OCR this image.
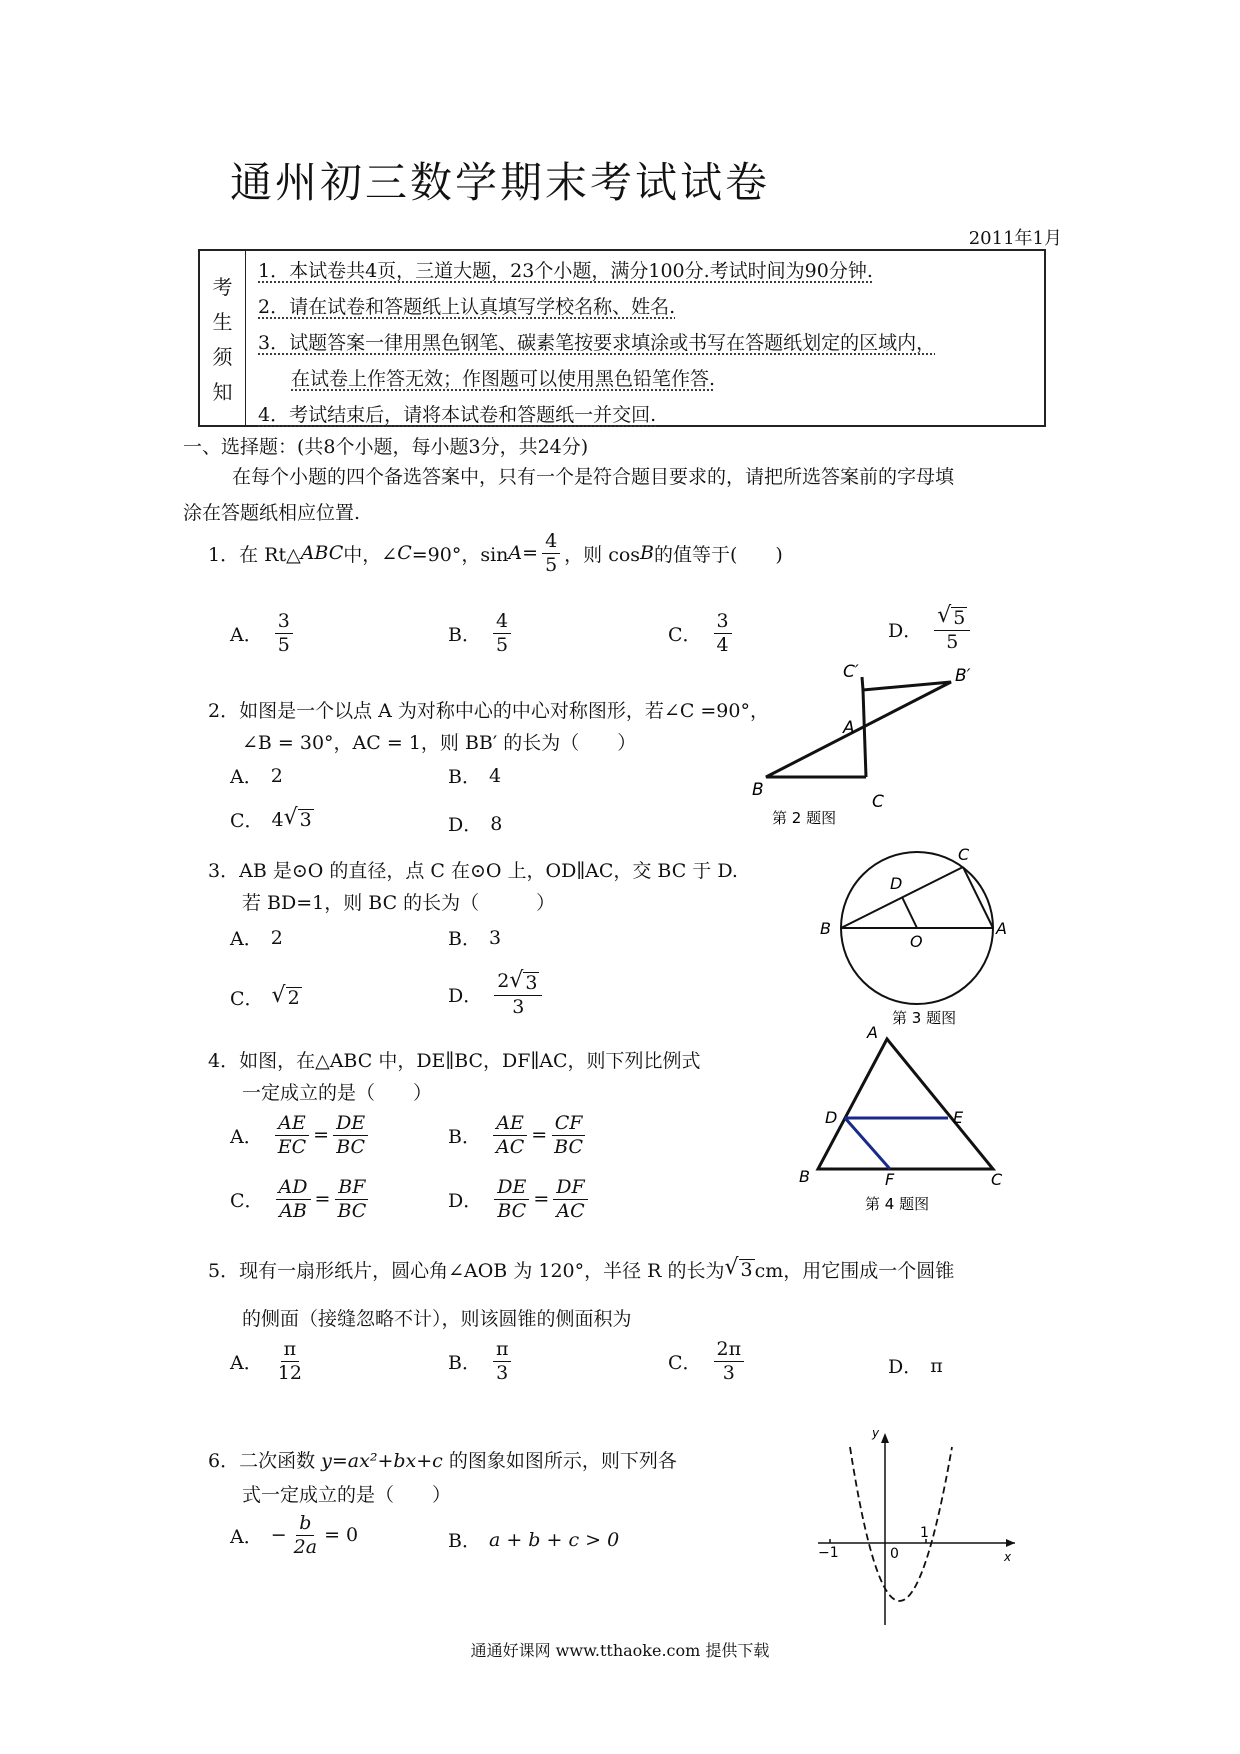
通州初三数学期末考试试卷
2011年1月
考
生
须
知
1．本试卷共4页，三道大题，23个小题，满分100分.考试时间为90分钟.
2．请在试卷和答题纸上认真填写学校名称、姓名.
3．试题答案一律用黑色钢笔、碳素笔按要求填涂或书写在答题纸划定的区域内，
在试卷上作答无效；作图题可以使用黑色铅笔作答.
4．考试结束后，请将本试卷和答题纸一并交回.
一、选择题：(共8个小题，每小题3分，共24分)
在每个小题的四个备选答案中，只有一个是符合题目要求的，请把所选答案前的字母填
涂在答题纸相应位置.
1． 在 Rt△ ABC 中，∠ C =90°，$\sin A = \frac{4}{5}$ ，则 cos B 的值等于(　　)
A． $\frac{3}{5}$	B． $\frac{4}{5}$	C． $\frac{3}{4}$	D． $\frac{√ 5}{5}$
2．如图是一个以点 A 为对称中心的中心对称图形，若∠C =90°，
∠B = 30°，AC = 1，则 BB′ 的长为（　　）
A． 2	B． 4
C． 4 √ 3	D． 8
C′	B′
A
B
C
第 2 题图
3．AB 是⊙O 的直径，点 C 在⊙O 上，OD∥AC，交 BC 于 D.
若 BD=1，则 BC 的长为（　　　）
A． 2	B． 3
C． √ 2	D． $\frac{2 √ 3}{3}$
C
D
B
O
A
第 3 题图
4．如图，在△ABC 中，DE∥BC，DF∥AC，则下列比例式
一定成立的是（　　）
A． $\frac{AE}{EC} = \frac{DE}{BC}$	B． $\frac{AE}{AC} = \frac{CF}{BC}$
C． $\frac{AD}{AB} = \frac{BF}{BC}$	D． $\frac{DE}{BC} = \frac{DF}{AC}$
A
D	E
B	F	C
第 4 题图
5． 现有一扇形纸片，圆心角∠AOB 为 120°，半径 R 的长为 √ 3 cm，用它围成一个圆锥
的侧面（接缝忽略不计），则该圆锥的侧面积为
A． $\frac{\pi}{12}$	B． $\frac{\pi}{3}$	C． $\frac{2\pi}{3}$	D． π
6．二次函数 y=ax²+bx+c 的图象如图所示，则下列各
式一定成立的是（　　）
A． − $\frac{b}{2a} = 0$	B． a + b + c > 0
y
x
−1	0
1
通通好课网 www.tthaoke.com 提供下载
